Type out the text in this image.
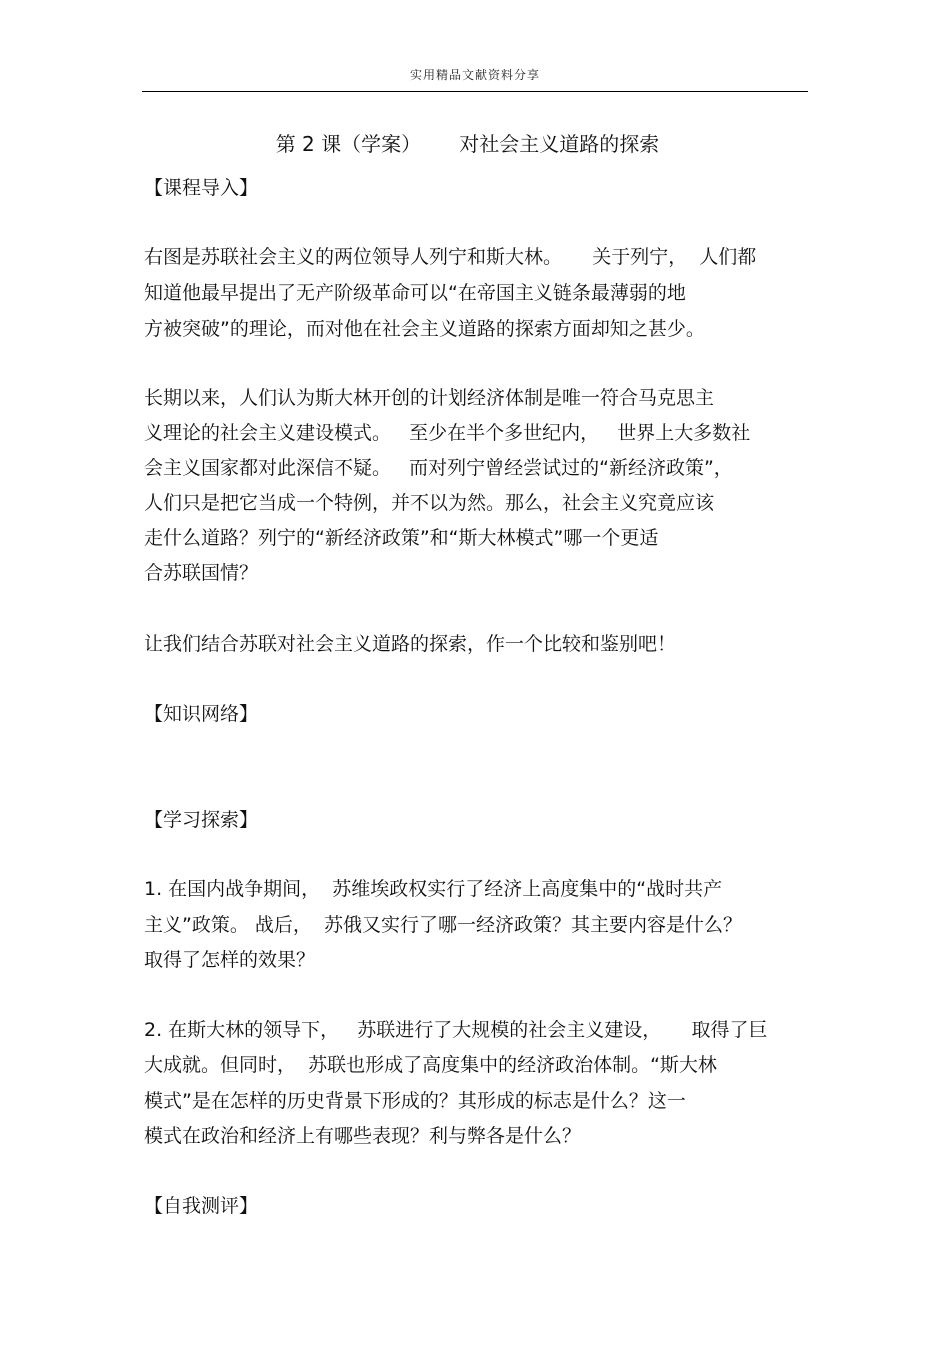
实用精品文献资料分享
第 2 课（学案）      对社会主义道路的探索
【课程导入】
右图是苏联社会主义的两位领导人列宁和斯大林。     关于列宁，  人们都
知道他最早提出了无产阶级革命可以“在帝国主义链条最薄弱的地
方被突破”的理论，而对他在社会主义道路的探索方面却知之甚少。
长期以来，人们认为斯大林开创的计划经济体制是唯一符合马克思主
义理论的社会主义建设模式。   至少在半个多世纪内，   世界上大多数社
会主义国家都对此深信不疑。   而对列宁曾经尝试过的“新经济政策”，
人们只是把它当成一个特例，并不以为然。那么，社会主义究竟应该
走什么道路？列宁的“新经济政策”和“斯大林模式”哪一个更适
合苏联国情？
让我们结合苏联对社会主义道路的探索，作一个比较和鉴别吧！
【知识网络】
【学习探索】
1. 在国内战争期间，  苏维埃政权实行了经济上高度集中的“战时共产
主义”政策。 战后，  苏俄又实行了哪一经济政策？其主要内容是什么？
取得了怎样的效果？
2. 在斯大林的领导下，   苏联进行了大规模的社会主义建设，     取得了巨
大成就。但同时，  苏联也形成了高度集中的经济政治体制。“斯大林
模式”是在怎样的历史背景下形成的？其形成的标志是什么？这一
模式在政治和经济上有哪些表现？利与弊各是什么？
【自我测评】
